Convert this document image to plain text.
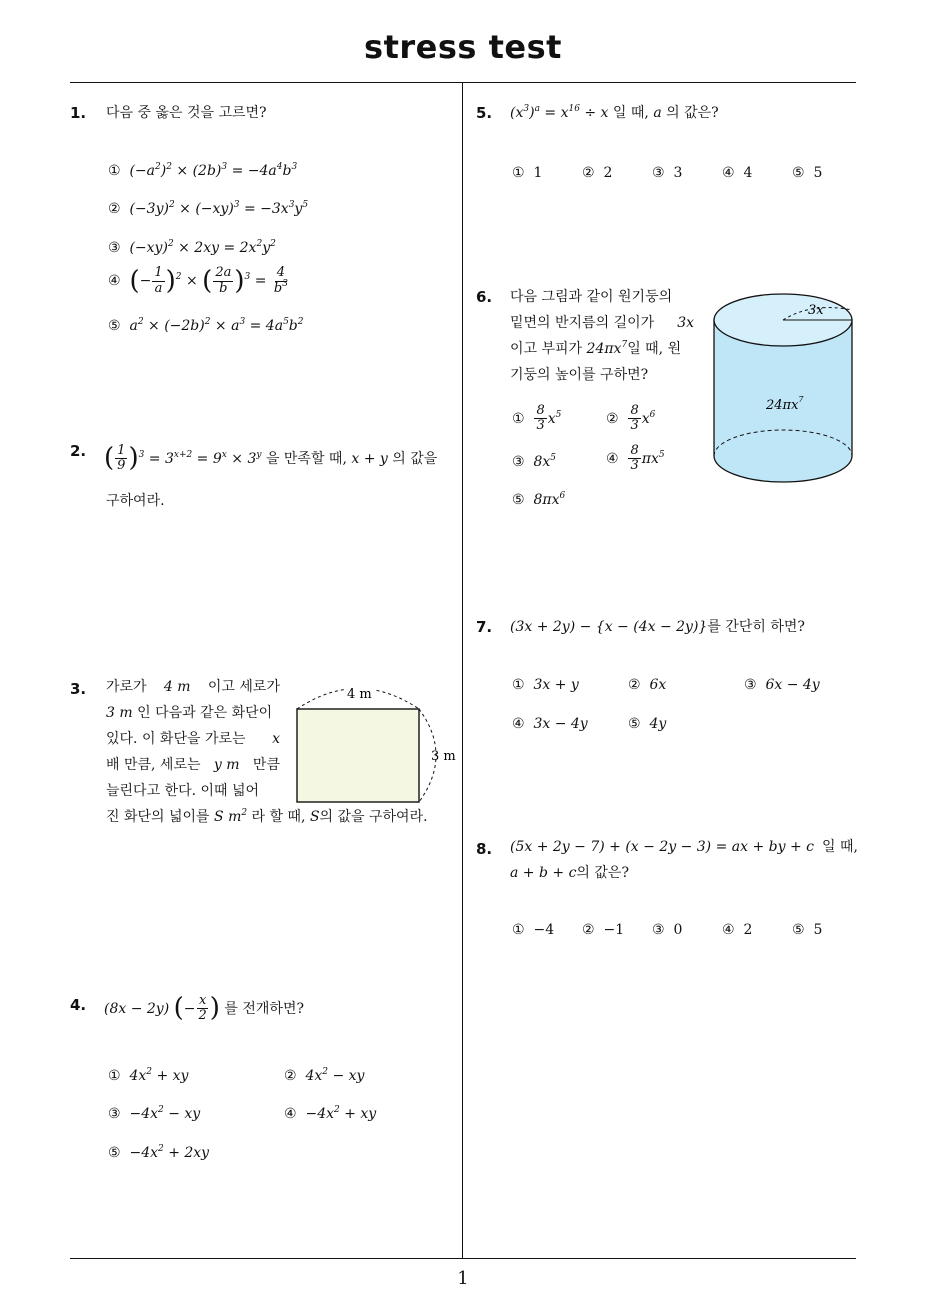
stress test
1
1. 다음 중 옳은 것을 고르면?
① $(-a^2)^2 \times (2b)^3 = -4a^4b^3$
② $(-3y)^2 \times (-xy)^3 = -3x^3y^5$
③ $(-xy)^2 \times 2xy = 2x^2y^2$
④ (− $\frac{1}{a} )^2$ × ( $\frac{2a}{b} )^3 = \frac{4}{b^3}$
⑤ $a^2 \times (-2b)^2 \times a^3 = 4a^5b^2$
2. ( $\frac{1}{9} )^3 = 3^{x+2} = 9^x \times 3^y$ 을 만족할 때, x + y 의 값을
구하여라.
3. 가로가 4 m 이고 세로가
3 m 인 다음과 같은 화단이
있다. 이 화단을 가로는 x
배 만큼, 세로는 y m 만큼
늘린다고 한다. 이때 넓어
진 화단의 넓이를 S $m^2$ 라 할 때, S의 값을 구하여라.
4 m
3 m
4. (8x − 2y) (− $\frac{x}{2}$ ) 를 전개하면?
① $4x^2$ + xy	② $4x^2$ − xy
③ $-4x^2$ − xy	④ $-4x^2$ + xy
⑤ $-4x^2 + 2xy$
5. $(x^3)^a = x^{16} \div x$ 일 때, a 의 값은?
① 1	② 2	③ 3	④ 4	⑤ 5
6. 다음 그림과 같이 원기둥의
밑면의 반지름의 길이가 3x
이고 부피가 $24\pi x^7$일 때, 원
기둥의 높이를 구하면?
① $\frac{8}{3} x^5$	② $\frac{8}{3} x^6$
③ $8x^5$	④ $\frac{8}{3} \pi x^5$
⑤ $8\pi x^6$
3x
$24\pi x^7$
7. (3x + 2y) − {x − (4x − 2y)}를 간단히 하면?
① 3x + y	② 6x	③ 6x − 4y
④ 3x − 4y	⑤ 4y
8. (5x + 2y − 7) + (x − 2y − 3) = ax + by + c 일 때,
a + b + c의 값은?
① −4 ② −1 ③ 0	④ 2	⑤ 5
